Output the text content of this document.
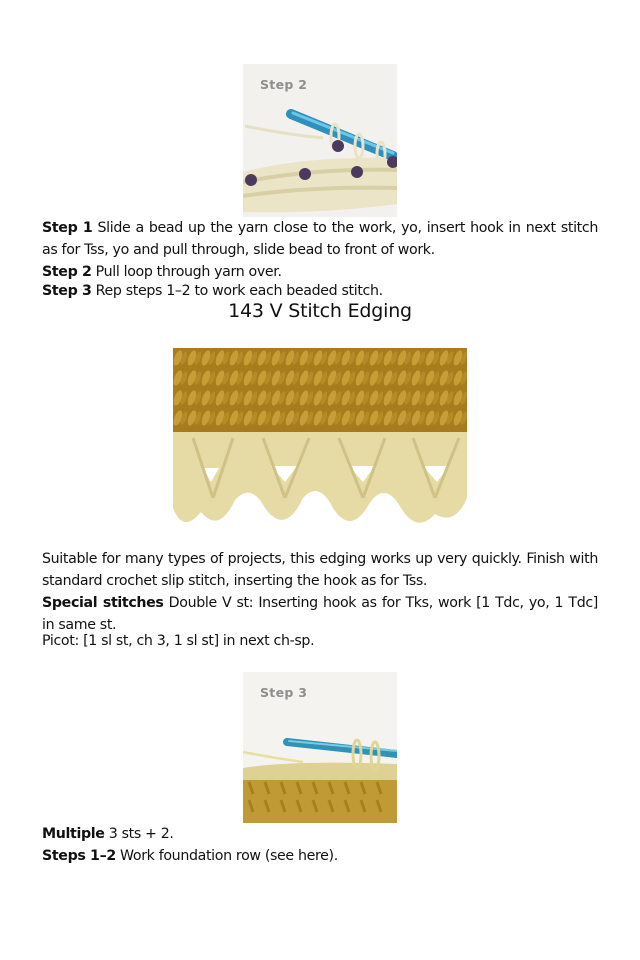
Step 2
Step 1 Slide a bead up the yarn close to the work, yo, insert hook in next stitch as for Tss, yo and pull through, slide bead to front of work.
Step 2 Pull loop through yarn over.
Step 3 Rep steps 1–2 to work each beaded stitch.
143 V Stitch Edging
Suitable for many types of projects, this edging works up very quickly. Finish with standard crochet slip stitch, inserting the hook as for Tss.
Special stitches Double V st: Inserting hook as for Tks, work [1 Tdc, yo, 1 Tdc] in same st.
Picot: [1 sl st, ch 3, 1 sl st] in next ch-sp.
Step 3
Multiple 3 sts + 2.
Steps 1–2 Work foundation row (see here).
